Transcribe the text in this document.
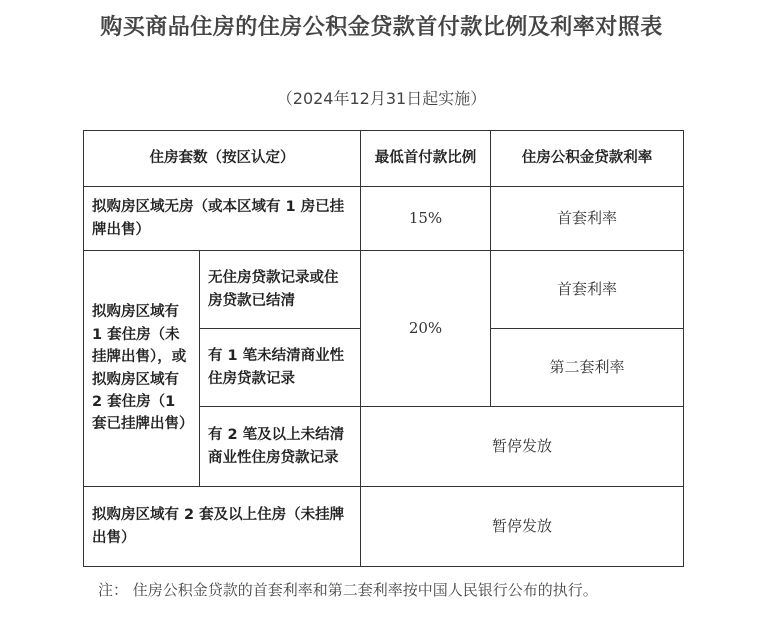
购买商品住房的住房公积金贷款首付款比例及利率对照表
（2024年12月31日起实施）
住房套数（按区认定）		最低首付款比例	住房公积金贷款利率
拟购房区域无房（或本区域有 1 房已挂牌出售）		15%	首套利率
拟购房区域有 1 套住房（未挂牌出售），或拟购房区域有 2 套住房（1 套已挂牌出售）	无住房贷款记录或住房贷款已结清	20%	首套利率
	有 1 笔未结清商业性住房贷款记录		第二套利率
	有 2 笔及以上未结清商业性住房贷款记录	暂停发放	
拟购房区域有 2 套及以上住房（未挂牌出售）		暂停发放	
注： 住房公积金贷款的首套利率和第二套利率按中国人民银行公布的执行。
